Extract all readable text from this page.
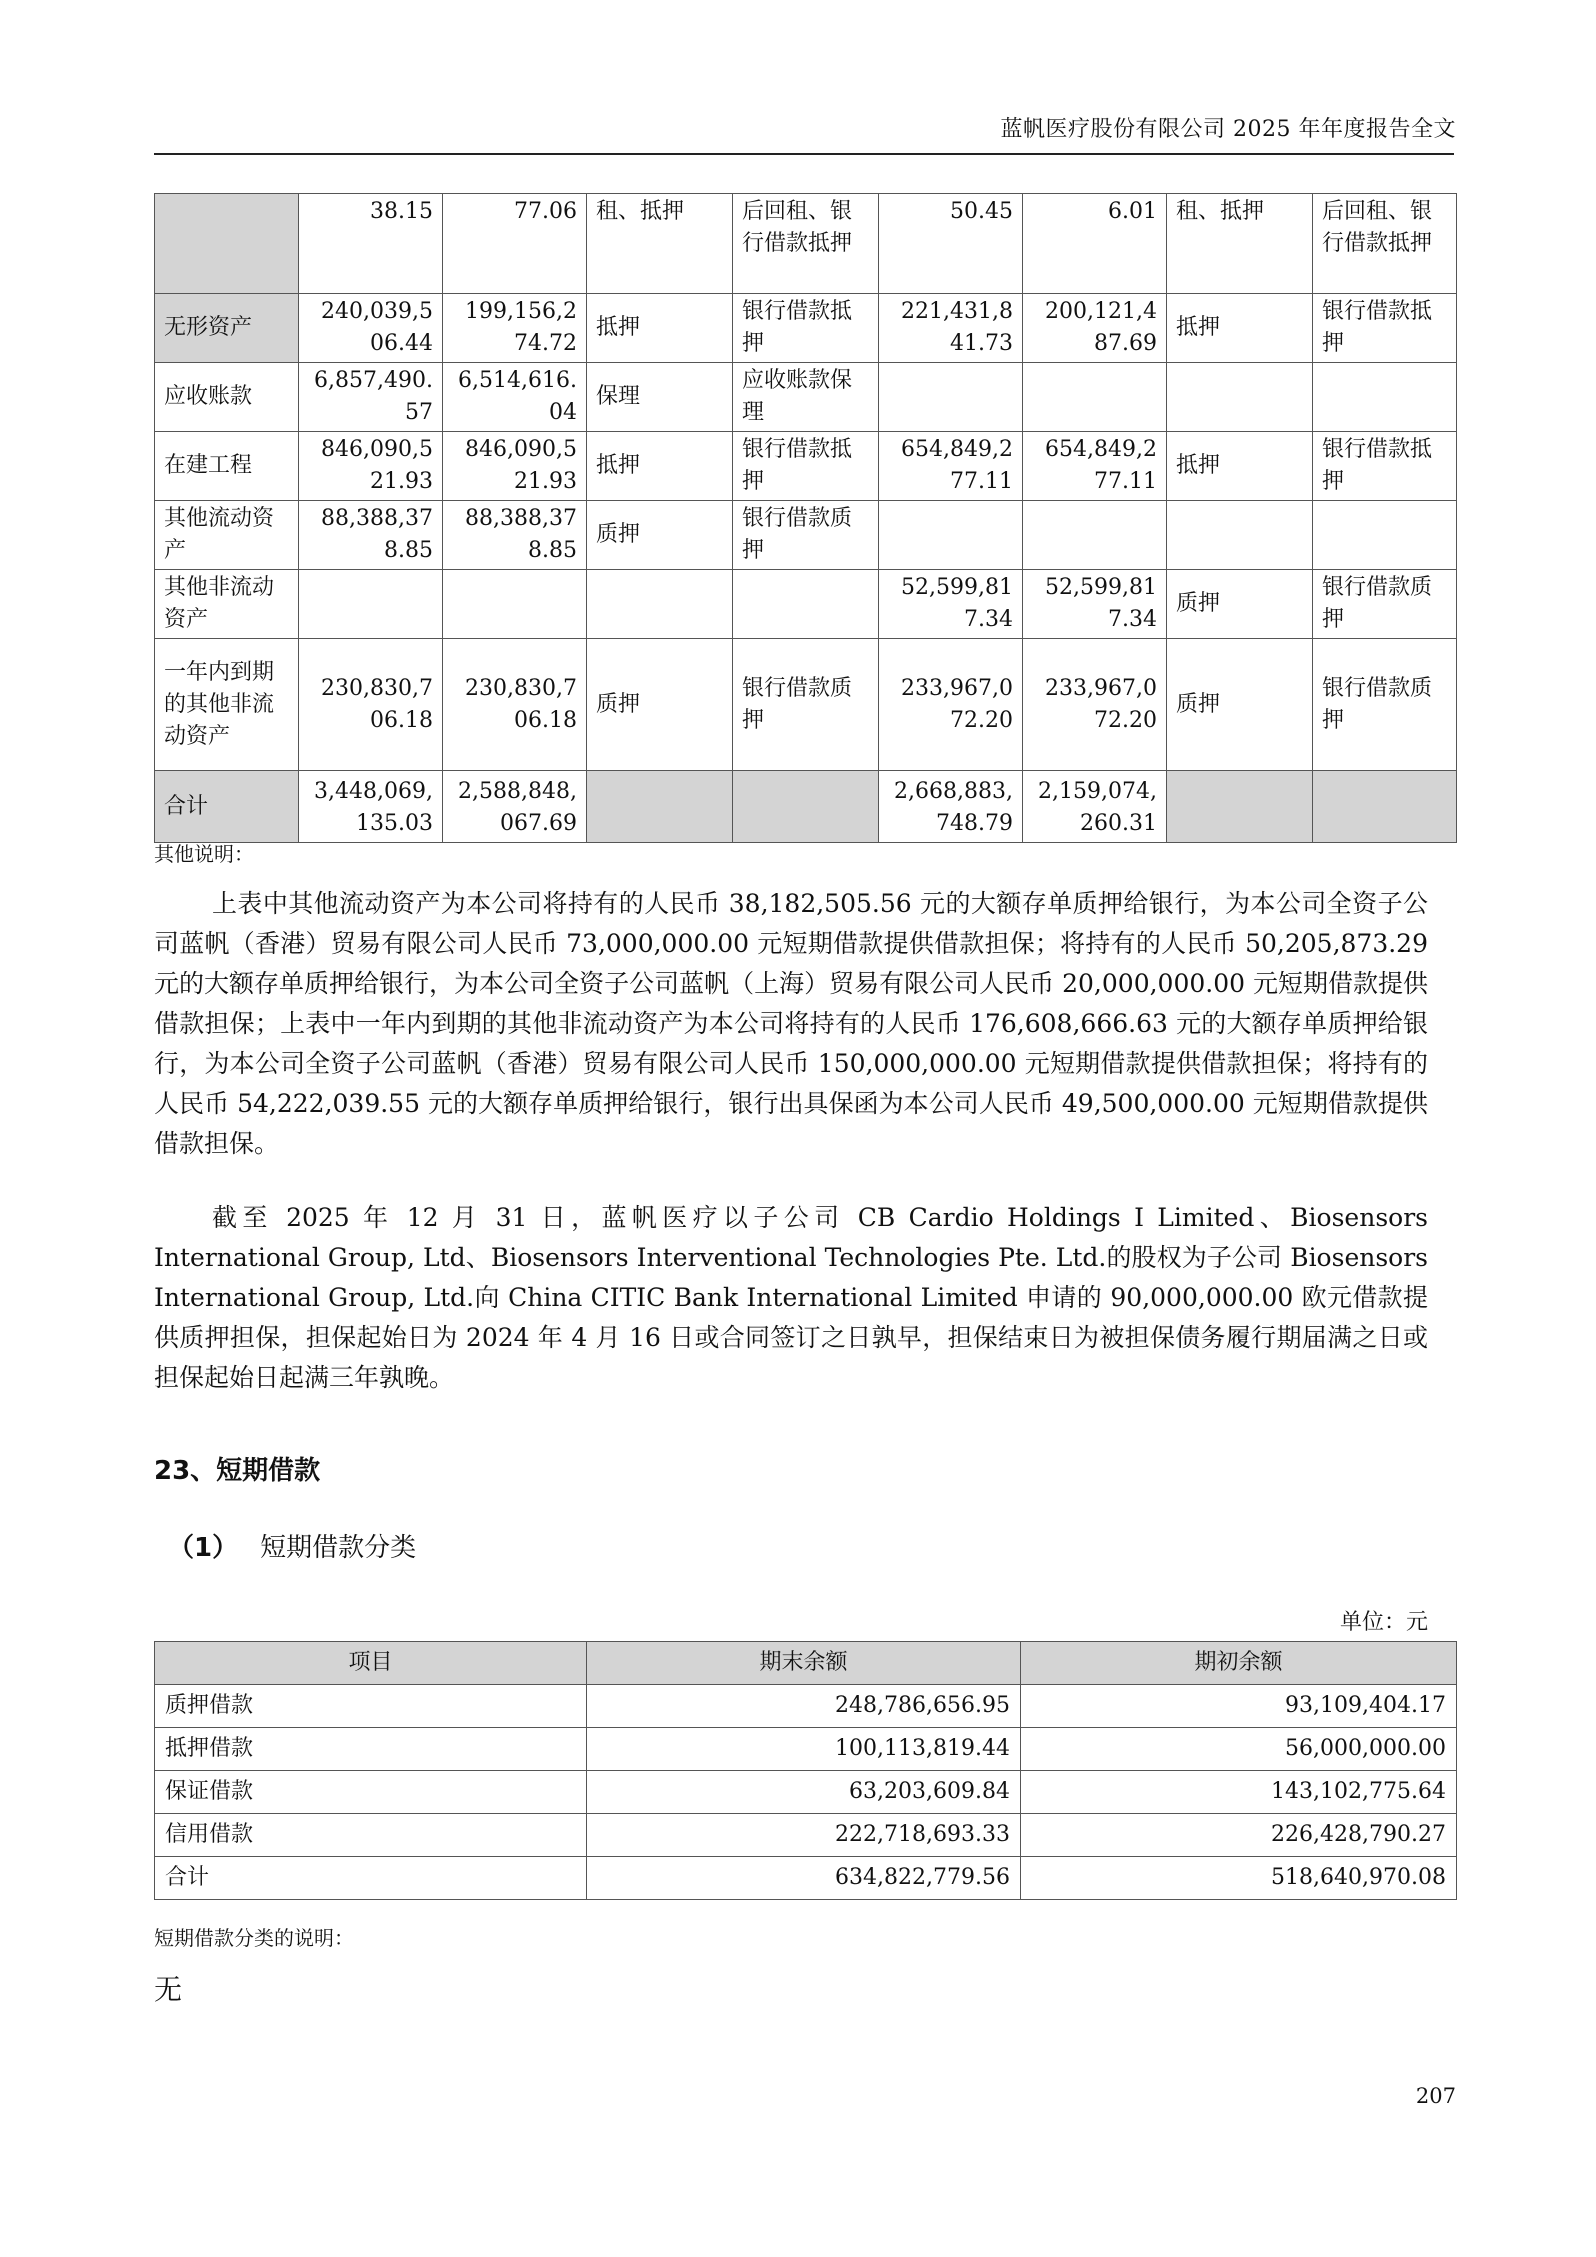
蓝帆医疗股份有限公司 2025 年年度报告全文
	38.15	77.06	租、抵押	后回租、银行借款抵押	50.45	6.01	租、抵押	后回租、银行借款抵押
无形资产	240,039,506.44	199,156,274.72	抵押	银行借款抵押	221,431,841.73	200,121,487.69	抵押	银行借款抵押
应收账款	6,857,490.57	6,514,616.04	保理	应收账款保理				
在建工程	846,090,521.93	846,090,521.93	抵押	银行借款抵押	654,849,277.11	654,849,277.11	抵押	银行借款抵押
其他流动资产	88,388,378.85	88,388,378.85	质押	银行借款质押				
其他非流动资产					52,599,817.34	52,599,817.34	质押	银行借款质押
一年内到期的其他非流动资产	230,830,706.18	230,830,706.18	质押	银行借款质押	233,967,072.20	233,967,072.20	质押	银行借款质押
合计	3,448,069,135.03	2,588,848,067.69			2,668,883,748.79	2,159,074,260.31		
其他说明：

上表中其他流动资产为本公司将持有的人民币 38,182,505.56 元的大额存单质押给银行，为本公司全资子公司蓝帆（香港）贸易有限公司人民币 73,000,000.00 元短期借款提供借款担保；将持有的人民币 50,205,873.29 元的大额存单质押给银行，为本公司全资子公司蓝帆（上海）贸易有限公司人民币 20,000,000.00 元短期借款提供借款担保；上表中一年内到期的其他非流动资产为本公司将持有的人民币 176,608,666.63 元的大额存单质押给银行，为本公司全资子公司蓝帆（香港）贸易有限公司人民币 150,000,000.00 元短期借款提供借款担保；将持有的人民币 54,222,039.55 元的大额存单质押给银行，银行出具保函为本公司人民币 49,500,000.00 元短期借款提供借款担保。

截至 2025 年 12 月 31 日，蓝帆医疗以子公司 CB Cardio Holdings I Limited、Biosensors International Group, Ltd、Biosensors Interventional Technologies Pte. Ltd.的股权为子公司 Biosensors International Group, Ltd.向 China CITIC Bank International Limited 申请的 90,000,000.00 欧元借款提供质押担保，担保起始日为 2024 年 4 月 16 日或合同签订之日孰早，担保结束日为被担保债务履行期届满之日或担保起始日起满三年孰晚。

23、短期借款
（1） 短期借款分类
单位：元
项目	期末余额	期初余额
质押借款	248,786,656.95	93,109,404.17
抵押借款	100,113,819.44	56,000,000.00
保证借款	63,203,609.84	143,102,775.64
信用借款	222,718,693.33	226,428,790.27
合计	634,822,779.56	518,640,970.08
短期借款分类的说明：
无
207
